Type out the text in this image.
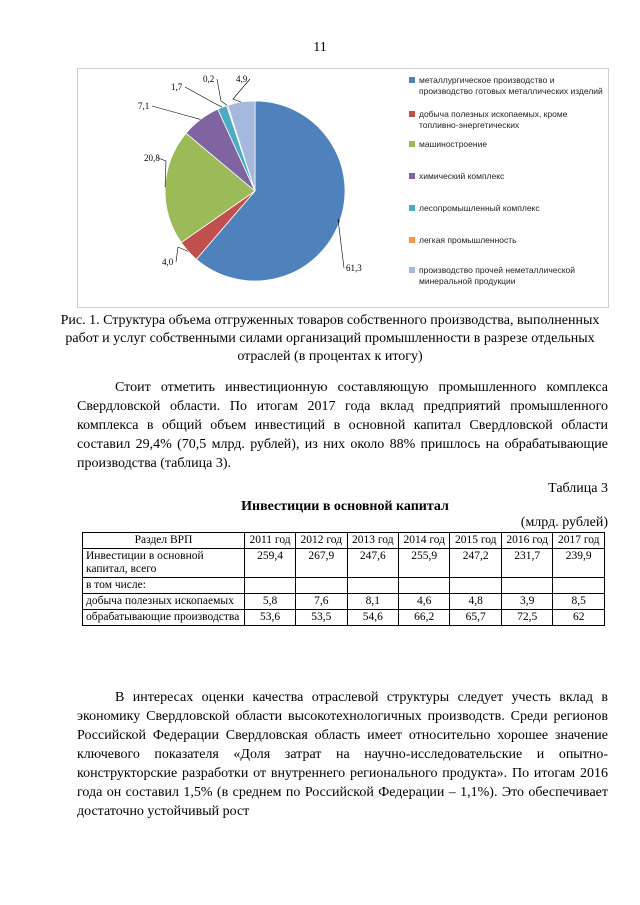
11
61,3
4,0
20,8
7,1
1,7
0,2 4,9	металлургическое производство и производство готовых металлических изделий
добыча полезных ископаемых, кроме топливно-энергетических
машиностроение
химический комплекс
лесопромышленный комплекс
легкая промышленность
производство прочей неметаллической минеральной продукции
Рис. 1. Структура объема отгруженных товаров собственного производства, выполненных работ и услуг собственными силами организаций промышленности в разрезе отдельных отраслей (в процентах к итогу)

Стоит отметить инвестиционную составляющую промышленного комплекса Свердловской области. По итогам 2017 года вклад предприятий промышленного комплекса в общий объем инвестиций в основной капитал Свердловской области составил 29,4% (70,5 млрд. рублей), из них около 88% пришлось на обрабатывающие производства (таблица 3).

Таблица 3
Инвестиции в основной капитал
(млрд. рублей)
Раздел ВРП	2011 год	2012 год	2013 год	2014 год	2015 год	2016 год	2017 год
Инвестиции в основной капитал, всего	259,4	267,9	247,6	255,9	247,2	231,7	239,9
в том числе:							
добыча полезных ископаемых	5,8	7,6	8,1	4,6	4,8	3,9	8,5
обрабатывающие производства	53,6	53,5	54,6	66,2	65,7	72,5	62

В интересах оценки качества отраслевой структуры следует учесть вклад в экономику Свердловской области высокотехнологичных производств. Среди регионов Российской Федерации Свердловская область имеет относительно хорошее значение ключевого показателя «Доля затрат на научно-исследовательские и опытно-конструкторские разработки от внутреннего регионального продукта». По итогам 2016 года он составил 1,5% (в среднем по Российской Федерации – 1,1%). Это обеспечивает достаточно устойчивый рост
